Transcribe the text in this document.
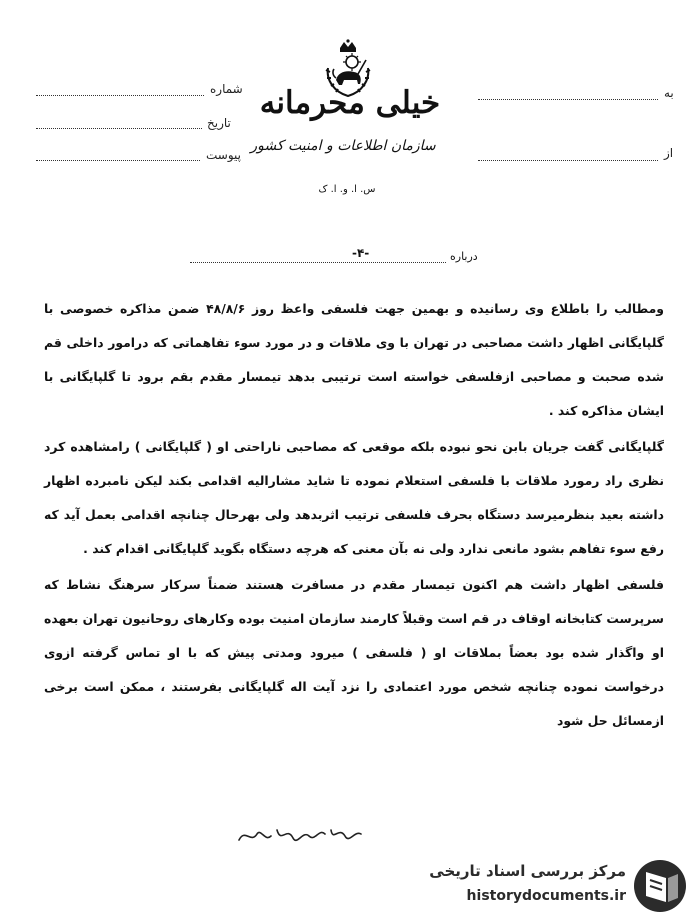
شماره
تاریخ
پیوست
به
از
خیلی محرمانه
سازمان اطلاعات و امنیت کشور
س. ا. و. ا. ک
درباره
-۴-

ومطالب را باطلاع وی رسانیده و بهمین جهت فلسفی واعظ روز ۴۸/۸/۶ ضمن مذاکره خصوصی با گلپایگانی اظهار داشت مصاحبی در تهران با وی ملاقات و در مورد سوء تفاهماتی که درامور داخلی قم شده صحبت و مصاحبی ازفلسفی خواسته است ترتیبی بدهد تیمسار مقدم بقم برود تا گلپایگانی با ایشان مذاکره کند .

گلپایگانی گفت جریان بابن نحو نبوده بلکه موقعی که مصاحبی ناراحتی او ( گلپایگانی ) رامشاهده کرد نظری راد رمورد ملاقات با فلسفی استعلام نموده تا شاید مشارالیه اقدامی بکند لیکن نامبرده اظهار داشته بعید بنظرمیرسد دستگاه بحرف فلسفی ترتیب اثربدهد ولی بهرحال چنانچه اقدامی بعمل آید که رفع سوء تفاهم بشود مانعی ندارد ولی نه بآن معنی که هرچه دستگاه بگوید گلپایگانی اقدام کند .

فلسفی اظهار داشت هم اکنون تیمسار مقدم در مسافرت هستند ضمناً سرکار سرهنگ نشاط که سرپرست کتابخانه اوقاف در قم است وقبلاً کارمند سازمان امنیت بوده وکارهای روحانیون تهران بعهده او واگذار شده بود بعضاً بملاقات او ( فلسفی ) میرود ومدتی پیش که با او تماس گرفته ازوی درخواست نموده چنانچه شخص مورد اعتمادی را نزد آیت اله گلپایگانی بفرستند ، ممکن است برخی ازمسائل حل شود

مرکز بررسی اسناد تاریخی
historydocuments.ir
